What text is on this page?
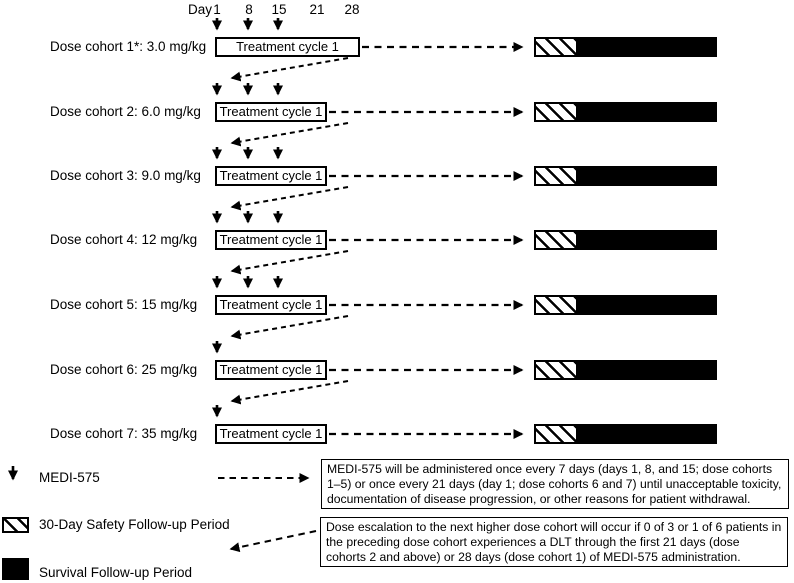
Day 1 8 15 21 28
Dose cohort 1*: 3.0 mg/kg	Treatment cycle 1
Dose cohort 2: 6.0 mg/kg	Treatment cycle 1
Dose cohort 3: 9.0 mg/kg	Treatment cycle 1
Dose cohort 4: 12 mg/kg	Treatment cycle 1
Dose cohort 5: 15 mg/kg	Treatment cycle 1
Dose cohort 6: 25 mg/kg	Treatment cycle 1
Dose cohort 7: 35 mg/kg	Treatment cycle 1
MEDI-575
30-Day Safety Follow-up Period
Survival Follow-up Period
MEDI-575 will be administered once every 7 days (days 1, 8, and 15; dose cohorts 1–5) or once every 21 days (day 1; dose cohorts 6 and 7) until unacceptable toxicity, documentation of disease progression, or other reasons for patient withdrawal.
Dose escalation to the next higher dose cohort will occur if 0 of 3 or 1 of 6 patients in the preceding dose cohort experiences a DLT through the first 21 days (dose cohorts 2 and above) or 28 days (dose cohort 1) of MEDI-575 administration.
